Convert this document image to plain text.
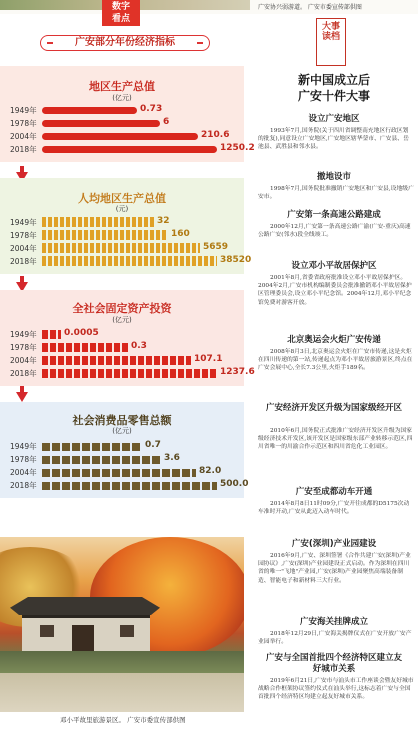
广安协兴弱游道。 广安市委宣传部供图
数字
看点
广安部分年份经济指标
地区生产总值
(亿元)
1949年	0.73
1978年	6
2004年	210.6
2018年	1250.2
人均地区生产总值
(元)
1949年	32
1978年	160
2004年	5659
2018年	38520
全社会固定资产投资
(亿元)
1949年	0.0005
1978年	0.3
2004年	107.1
2018年	1237.6
社会消费品零售总额
(亿元)
1949年	0.7
1978年	3.6
2004年	82.0
2018年	500.0
邓小平故里旅游景区。 广安市委宣传部供图
大事
读档
新中国成立后
广安十件大事
设立广安地区
1993年7月,国务院(关于四川省调整南充地区行政区划的批复),同意设立广安地区,广安地区辖华蓥市、广安县、岳池县、武胜县和邻水县。
撤地设市
1998年7月,国务院批准撤销广安地区和广安县,设地级广安市。
广安第一条高速公路建成
2000年12月,广安第一条高速公路广渝(广安-重庆)高速公路广安(邻水)段全线竣工。
设立邓小平故居保护区
2001年8月,省委省政府批准设立邓小平故居保护区。2004年2月,广安市机构编制委员会批准撤销邓小平故居保护区管理委员会,设立邓小平纪念馆。2004年12月,邓小平纪念馆免费对游客开放。
北京奥运会火炬广安传递
2008年8月3日,北京奥运会火炬在广安市传递,这是火炬在四川传递的第一站,传递起点为邓小平故居旅游景区,终点在广安会展中心,全长7.3公里,火炬手189名。
广安经济开发区升级为国家级经开区
2010年6月,国务院正式批准广安经济开发区升级为国家级经济技术开发区,该开发区是国家级东部产业转移示范区,四川省唯一的川渝合作示范区和四川省危化工业园区。
广安至成都动车开通
2014年8月8日11时09分,广安开往成都的D5175次动车准时开动,广安从此迈入动车时代。
广安(深圳)产业园建设
2016年9月,广安、深圳签署《合作共建广安(深圳)产业园协议》,广安(深圳)产业园建设正式启动。作为深圳在四川省的唯一"飞地"产业园,广安(深圳)产业园聚焦高端装备制造、智能电子和新材料三大行业。
广安海关挂牌成立
2018年12月29日,广安海关揭牌仪式在广安开放广安产业园举行。
广安与全国首批四个经济特区建立友好城市关系
2019年6月21日,广安市与汕头市工作座谈会暨友好城市战略合作框架协议签约仪式在汕头举行,这标志着广安与全国首批四个经济特区均建立起友好城市关系。
